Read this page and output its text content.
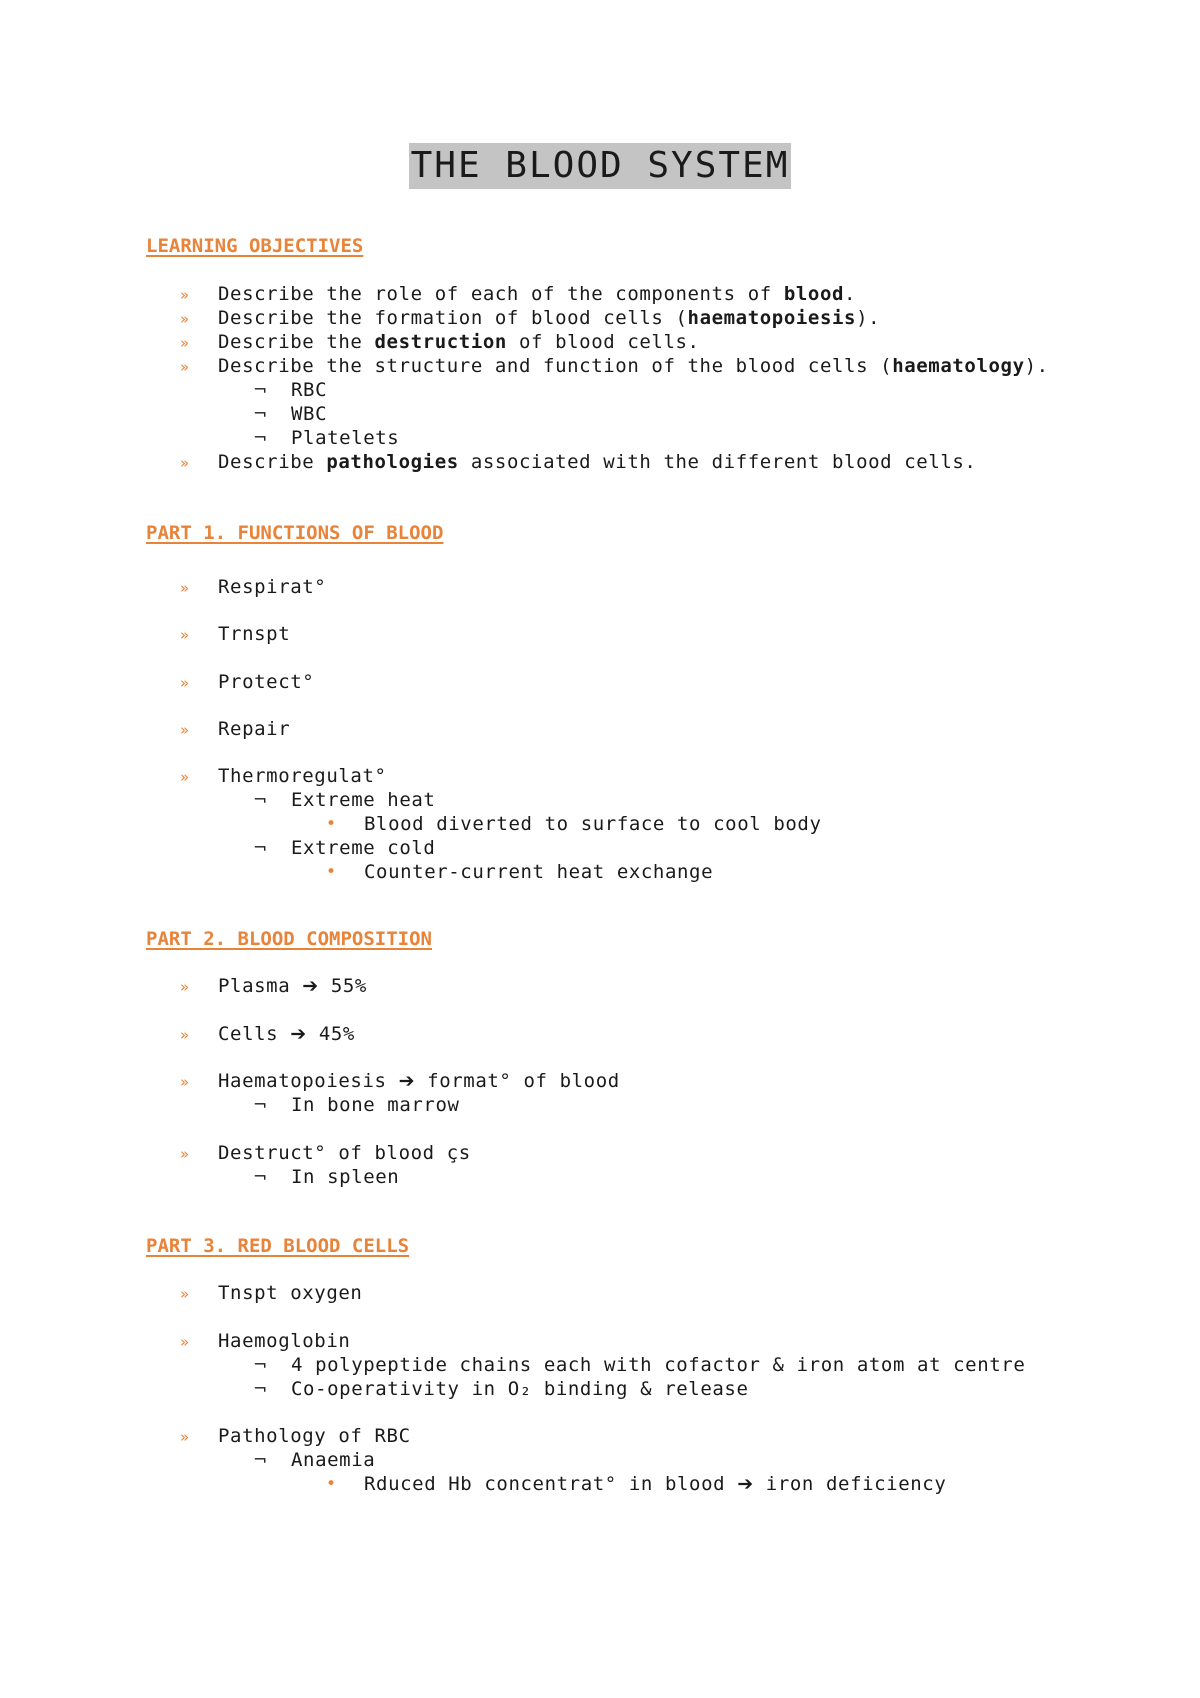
THE BLOOD SYSTEM
LEARNING OBJECTIVES
» Describe the role of each of the components of blood.
» Describe the formation of blood cells (haematopoiesis).
» Describe the destruction of blood cells.
» Describe the structure and function of the blood cells (haematology).
¬ RBC
¬ WBC
¬ Platelets
» Describe pathologies associated with the different blood cells.
PART 1. FUNCTIONS OF BLOOD
» Respirat°
» Trnspt
» Protect°
» Repair
» Thermoregulat°
¬ Extreme heat
• Blood diverted to surface to cool body
¬ Extreme cold
• Counter-current heat exchange
PART 2. BLOOD COMPOSITION
» Plasma ➔ 55%
» Cells ➔ 45%
» Haematopoiesis ➔ format° of blood
¬ In bone marrow
» Destruct° of blood çs
¬ In spleen
PART 3. RED BLOOD CELLS
» Tnspt oxygen
» Haemoglobin
¬ 4 polypeptide chains each with cofactor & iron atom at centre
¬ Co-operativity in O₂ binding & release
» Pathology of RBC
¬ Anaemia
• Rduced Hb concentrat° in blood ➔ iron deficiency
